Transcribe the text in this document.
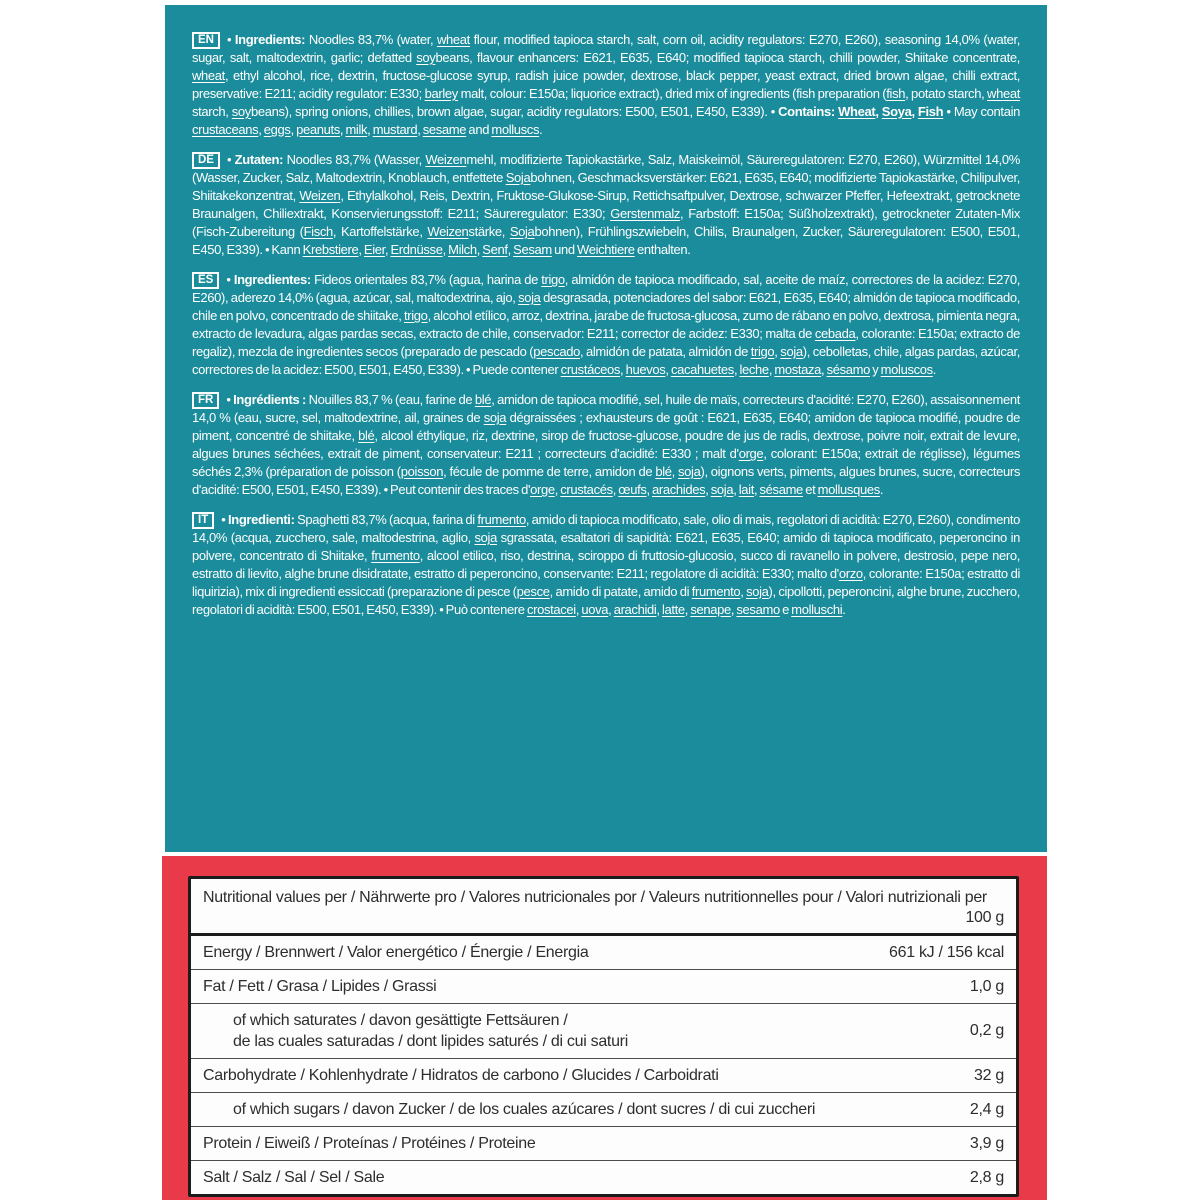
EN • Ingredients: Noodles 83,7% (water, wheat flour, modified tapioca starch, salt, corn oil, acidity regulators: E270, E260), seasoning 14,0% (water, sugar, salt, maltodextrin, garlic; defatted soybeans, flavour enhancers: E621, E635, E640; modified tapioca starch, chilli powder, Shiitake concentrate, wheat, ethyl alcohol, rice, dextrin, fructose-glucose syrup, radish juice powder, dextrose, black pepper, yeast extract, dried brown algae, chilli extract, preservative: E211; acidity regulator: E330; barley malt, colour: E150a; liquorice extract), dried mix of ingredients (fish preparation (fish, potato starch, wheat starch, soybeans), spring onions, chillies, brown algae, sugar, acidity regulators: E500, E501, E450, E339). • Contains: Wheat, Soya, Fish • May contain crustaceans, eggs, peanuts, milk, mustard, sesame and molluscs.

DE • Zutaten: Noodles 83,7% (Wasser, Weizenmehl, modifizierte Tapiokastärke, Salz, Maiskeimöl, Säureregulatoren: E270, E260), Würzmittel 14,0% (Wasser, Zucker, Salz, Maltodextrin, Knoblauch, entfettete Sojabohnen, Geschmacksverstärker: E621, E635, E640; modifizierte Tapiokastärke, Chilipulver, Shiitakekonzentrat, Weizen, Ethylalkohol, Reis, Dextrin, Fruktose-Glukose-Sirup, Rettichsaftpulver, Dextrose, schwarzer Pfeffer, Hefeextrakt, getrocknete Braunalgen, Chiliextrakt, Konservierungsstoff: E211; Säureregulator: E330; Gerstenmalz, Farbstoff: E150a; Süßholzextrakt), getrockneter Zutaten-Mix (Fisch-Zubereitung (Fisch, Kartoffelstärke, Weizenstärke, Sojabohnen), Frühlingszwiebeln, Chilis, Braunalgen, Zucker, Säureregulatoren: E500, E501, E450, E339). • Kann Krebstiere, Eier, Erdnüsse, Milch, Senf, Sesam und Weichtiere enthalten.

ES • Ingredientes: Fideos orientales 83,7% (agua, harina de trigo, almidón de tapioca modificado, sal, aceite de maíz, correctores de la acidez: E270, E260), aderezo 14,0% (agua, azúcar, sal, maltodextrina, ajo, soja desgrasada, potenciadores del sabor: E621, E635, E640; almidón de tapioca modificado, chile en polvo, concentrado de shiitake, trigo, alcohol etílico, arroz, dextrina, jarabe de fructosa-glucosa, zumo de rábano en polvo, dextrosa, pimienta negra, extracto de levadura, algas pardas secas, extracto de chile, conservador: E211; corrector de acidez: E330; malta de cebada, colorante: E150a; extracto de regaliz), mezcla de ingredientes secos (preparado de pescado (pescado, almidón de patata, almidón de trigo, soja), cebolletas, chile, algas pardas, azúcar, correctores de la acidez: E500, E501, E450, E339). • Puede contener crustáceos, huevos, cacahuetes, leche, mostaza, sésamo y moluscos.

FR • Ingrédients : Nouilles 83,7 % (eau, farine de blé, amidon de tapioca modifié, sel, huile de maïs, correcteurs d'acidité: E270, E260), assaisonnement 14,0 % (eau, sucre, sel, maltodextrine, ail, graines de soja dégraissées ; exhausteurs de goût : E621, E635, E640; amidon de tapioca modifié, poudre de piment, concentré de shiitake, blé, alcool éthylique, riz, dextrine, sirop de fructose-glucose, poudre de jus de radis, dextrose, poivre noir, extrait de levure, algues brunes séchées, extrait de piment, conservateur: E211 ; correcteurs d'acidité: E330 ; malt d'orge, colorant: E150a; extrait de réglisse), légumes séchés 2,3% (préparation de poisson (poisson, fécule de pomme de terre, amidon de blé, soja), oignons verts, piments, algues brunes, sucre, correcteurs d'acidité: E500, E501, E450, E339). • Peut contenir des traces d'orge, crustacés, œufs, arachides, soja, lait, sésame et mollusques.

IT • Ingredienti: Spaghetti 83,7% (acqua, farina di frumento, amido di tapioca modificato, sale, olio di mais, regolatori di acidità: E270, E260), condimento 14,0% (acqua, zucchero, sale, maltodestrina, aglio, soja sgrassata, esaltatori di sapidità: E621, E635, E640; amido di tapioca modificato, peperoncino in polvere, concentrato di Shiitake, frumento, alcool etilico, riso, destrina, sciroppo di fruttosio-glucosio, succo di ravanello in polvere, destrosio, pepe nero, estratto di lievito, alghe brune disidratate, estratto di peperoncino, conservante: E211; regolatore di acidità: E330; malto d'orzo, colorante: E150a; estratto di liquirizia), mix di ingredienti essiccati (preparazione di pesce (pesce, amido di patate, amido di frumento, soja), cipollotti, peperoncini, alghe brune, zucchero, regolatori di acidità: E500, E501, E450, E339). • Può contenere crostacei, uova, arachidi, latte, senape, sesamo e molluschi.

Nutritional values per / Nährwerte pro / Valores nutricionales por / Valeurs nutritionnelles pour / Valori nutrizionali per
100 g
Energy / Brennwert / Valor energético / Énergie / Energia	661 kJ / 156 kcal
Fat / Fett / Grasa / Lipides / Grassi	1,0 g
of which saturates / davon gesättigte Fettsäuren /
de las cuales saturadas / dont lipides saturés / di cui saturi
0,2 g
Carbohydrate / Kohlenhydrate / Hidratos de carbono / Glucides / Carboidrati	32 g
of which sugars / davon Zucker / de los cuales azúcares / dont sucres / di cui zuccheri	2,4 g
Protein / Eiweiß / Proteínas / Protéines / Proteine	3,9 g
Salt / Salz / Sal / Sel / Sale	2,8 g
